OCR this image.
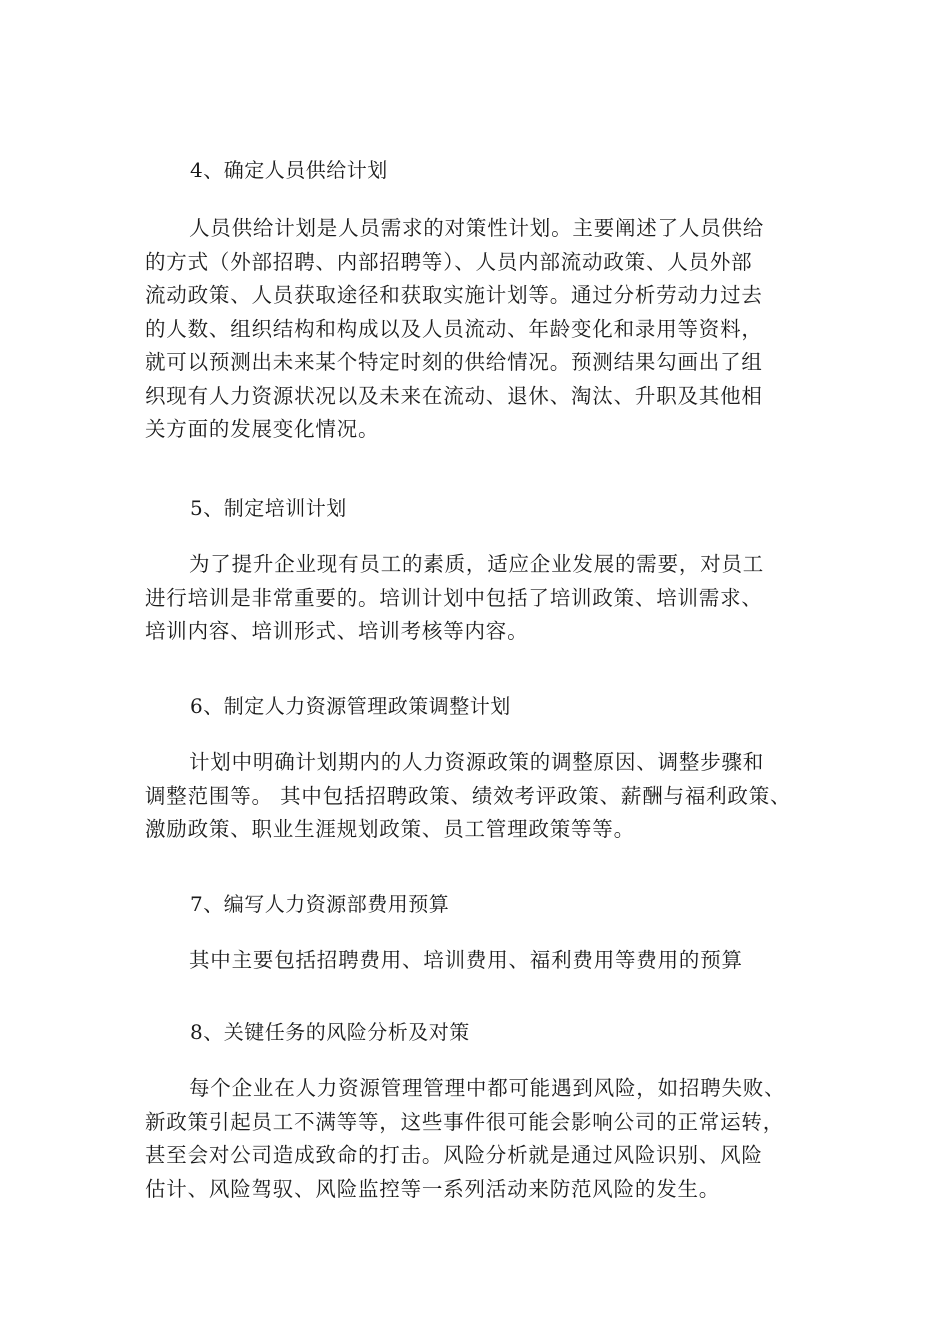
4、确定人员供给计划
人员供给计划是人员需求的对策性计划。主要阐述了人员供给
的方式（外部招聘、内部招聘等）、人员内部流动政策、人员外部
流动政策、人员获取途径和获取实施计划等。通过分析劳动力过去
的人数、组织结构和构成以及人员流动、年龄变化和录用等资料，
就可以预测出未来某个特定时刻的供给情况。预测结果勾画出了组
织现有人力资源状况以及未来在流动、退休、淘汰、升职及其他相
关方面的发展变化情况。
5、制定培训计划
为了提升企业现有员工的素质，适应企业发展的需要，对员工
进行培训是非常重要的。培训计划中包括了培训政策、培训需求、
培训内容、培训形式、培训考核等内容。
6、制定人力资源管理政策调整计划
计划中明确计划期内的人力资源政策的调整原因、调整步骤和
调整范围等。 其中包括招聘政策、绩效考评政策、薪酬与福利政策、
激励政策、职业生涯规划政策、员工管理政策等等。
7、编写人力资源部费用预算
其中主要包括招聘费用、培训费用、福利费用等费用的预算
8、关键任务的风险分析及对策
每个企业在人力资源管理管理中都可能遇到风险，如招聘失败、
新政策引起员工不满等等，这些事件很可能会影响公司的正常运转，
甚至会对公司造成致命的打击。风险分析就是通过风险识别、风险
估计、风险驾驭、风险监控等一系列活动来防范风险的发生。
